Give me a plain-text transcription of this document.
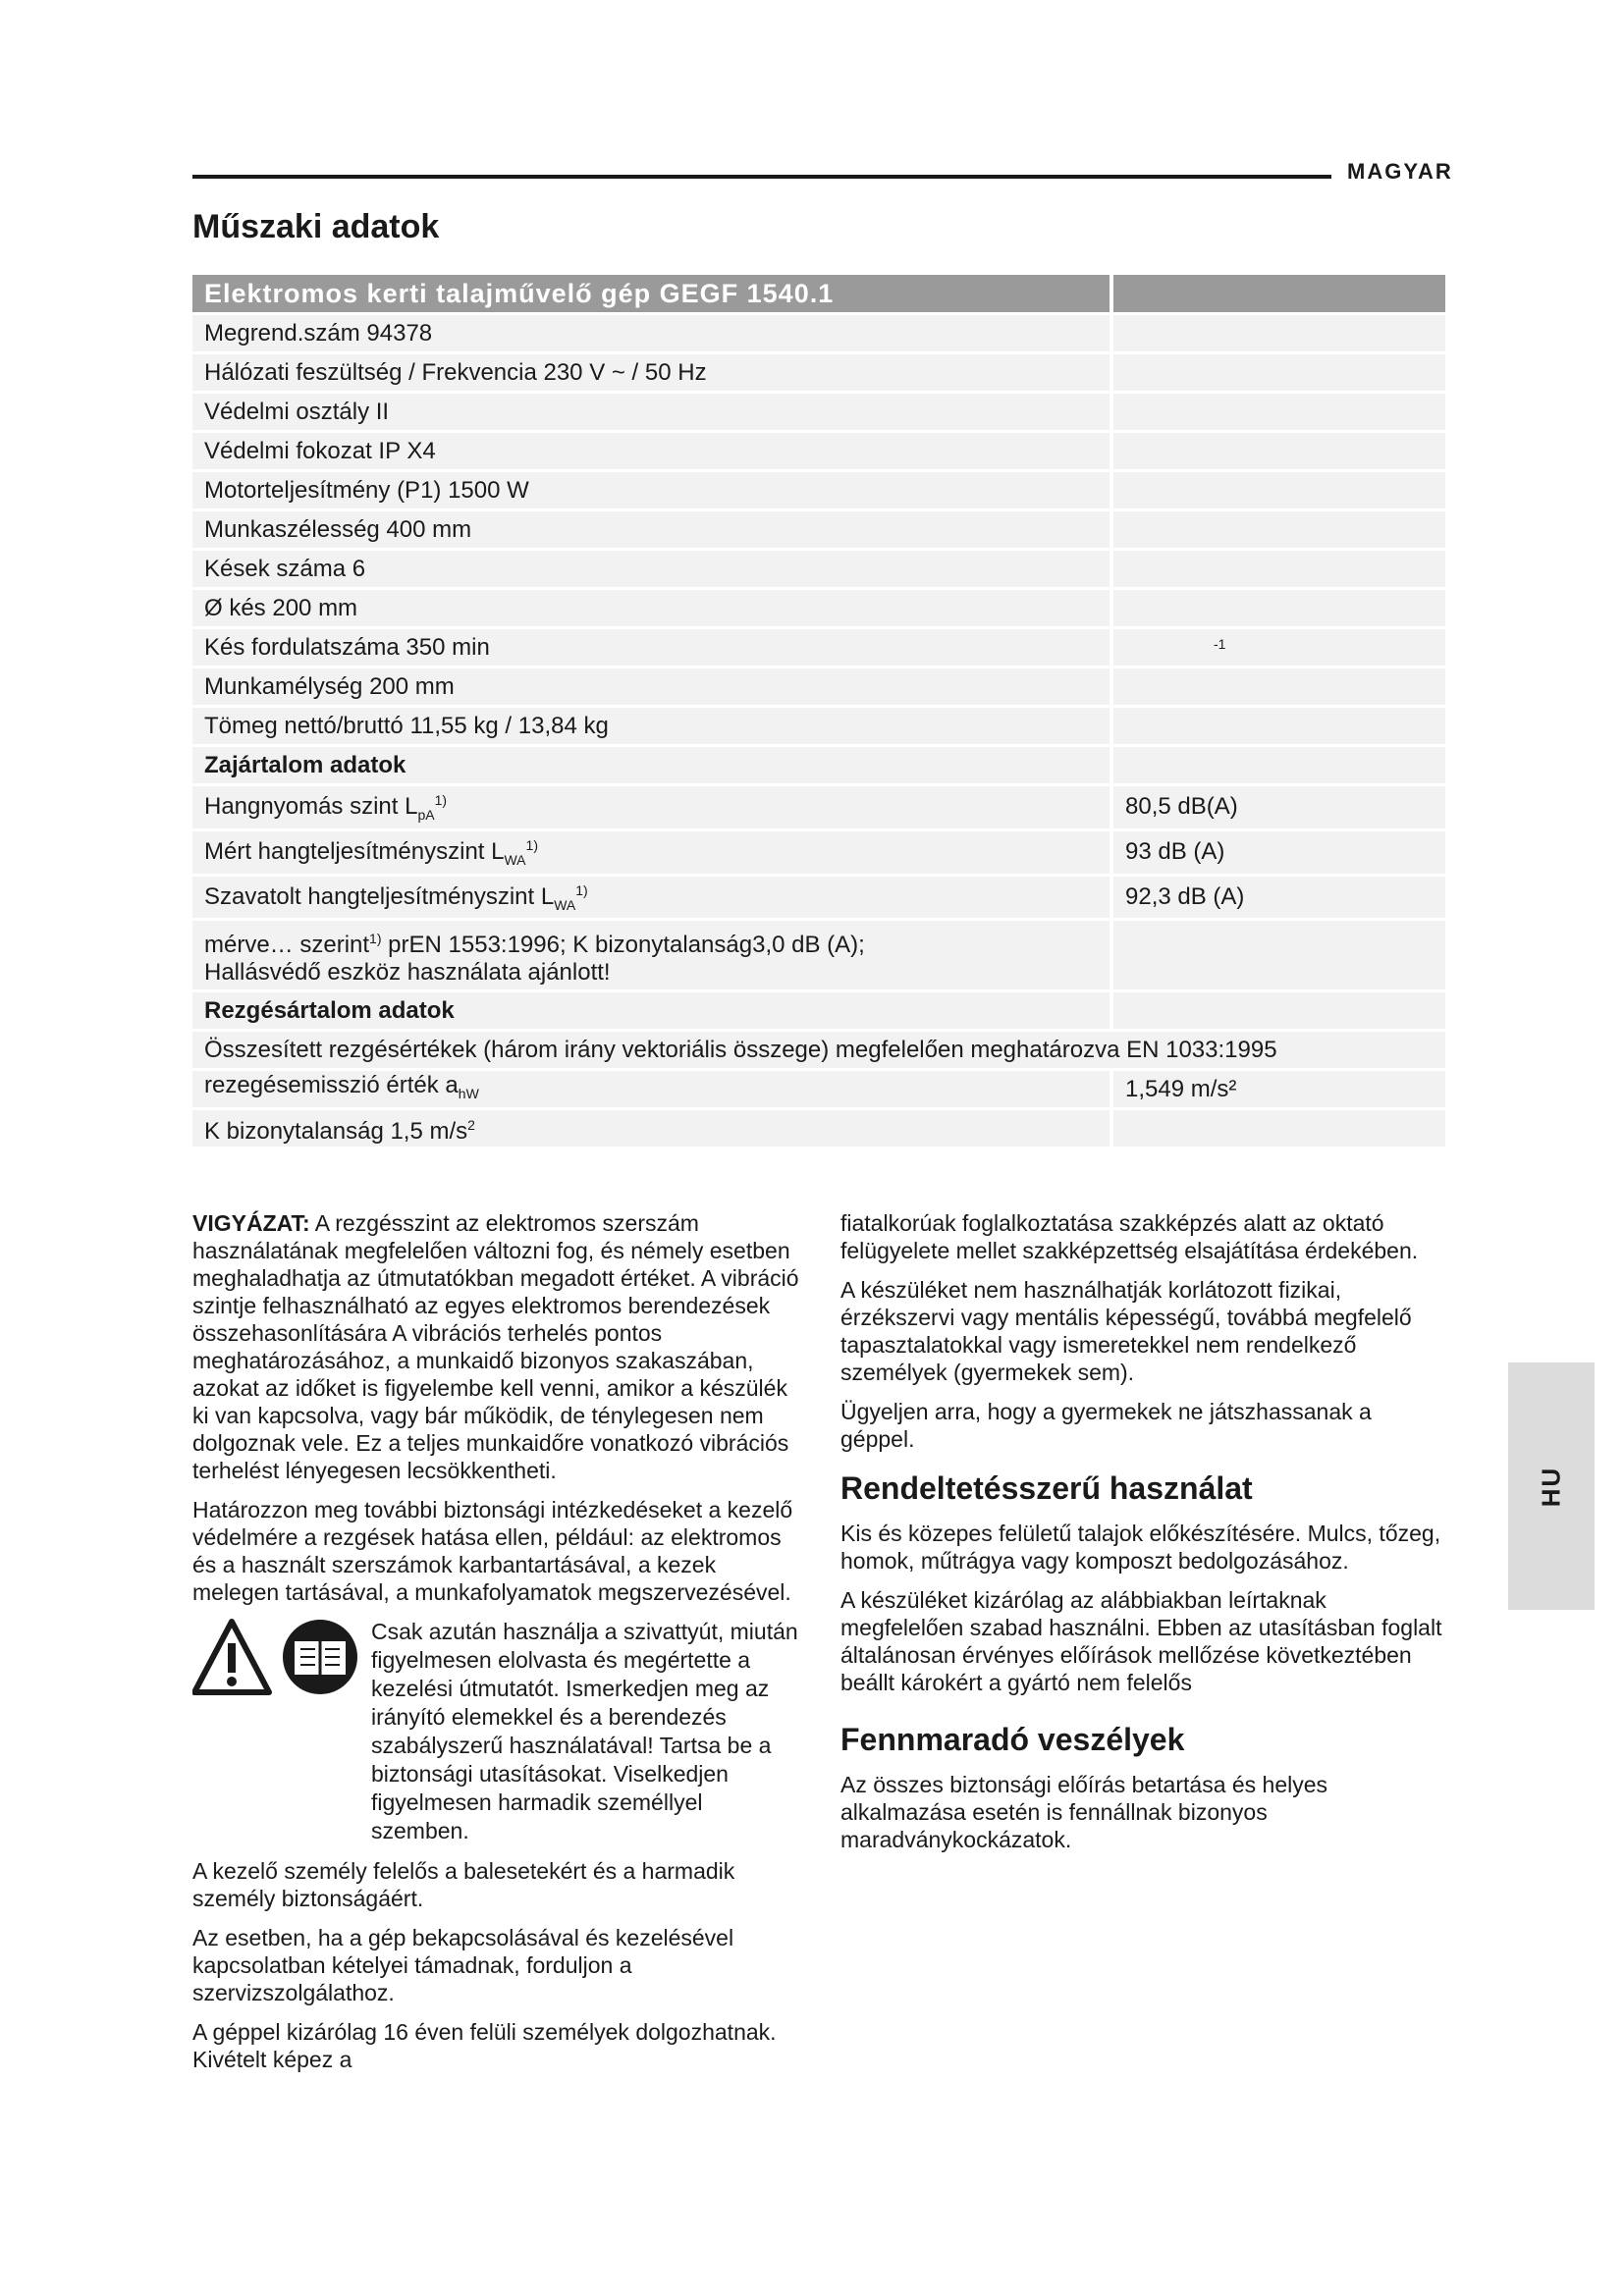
MAGYAR
Műszaki adatok
Elektromos kerti talajművelő gép GEGF 1540.1	
Megrend.szám 94378	
Hálózati feszültség / Frekvencia 230 V ~ / 50 Hz	
Védelmi osztály II	
Védelmi fokozat IP X4	
Motorteljesítmény (P1) 1500 W	
Munkaszélesség 400 mm	
Kések száma 6	
Ø kés 200 mm	
Kés fordulatszáma 350 min	$^{-1}$
Munkamélység 200 mm	
Tömeg nettó/bruttó 11,55 kg / 13,84 kg	
Zajártalom adatok	
Hangnyomás szint $L_{pA}^{1)}$	80,5 dB(A)
Mért hangteljesítményszint $L_{WA}^{1)}$	93 dB (A)
Szavatolt hangteljesítményszint $L_{WA}^{1)}$	92,3 dB (A)
mérve… szerint$^{1)}$ prEN 1553:1996; K bizonytalanság3,0 dB (A);
Hallásvédő eszköz használata ajánlott!	
Rezgésártalom adatok	
Összesített rezgésértékek (három irány vektoriális összege) megfelelően meghatározva EN 1033:1995	
rezegésemisszió érték $a_{hW}$	1,549 m/s²
K bizonytalanság 1,5 $m/s^2$	

VIGYÁZAT: A rezgésszint az elektromos szerszám használatának megfelelően változni fog, és némely esetben meghaladhatja az útmutatókban megadott értéket. A vibráció szintje felhasználható az egyes elektromos berendezések összehasonlítására A vibrációs terhelés pontos meghatározásához, a munkaidő bizonyos szakaszában, azokat az időket is figyelembe kell venni, amikor a készülék ki van kapcsolva, vagy bár működik, de ténylegesen nem dolgoznak vele. Ez a teljes munkaidőre vonatkozó vibrációs terhelést lényegesen lecsökkentheti.

Határozzon meg további biztonsági intézkedéseket a kezelő védelmére a rezgések hatása ellen, például: az elektromos és a használt szerszámok karbantartásával, a kezek melegen tartásával, a munkafolyamatok megszervezésével.

Csak azután használja a szivattyút, miután figyelmesen elolvasta és megértette a kezelési útmutatót. Ismerkedjen meg az irányító elemekkel és a berendezés szabályszerű használatával! Tartsa be a biztonsági utasításokat. Viselkedjen figyelmesen harmadik személlyel szemben.

A kezelő személy felelős a balesetekért és a harmadik személy biztonságáért.

Az esetben, ha a gép bekapcsolásával és kezelésével kapcsolatban kételyei támadnak, forduljon a szervizszolgálathoz.

A géppel kizárólag 16 éven felüli személyek dolgozhatnak. Kivételt képez a

fiatalkorúak foglalkoztatása szakképzés alatt az oktató felügyelete mellet szakképzettség elsajátítása érdekében.

A készüléket nem használhatják korlátozott fizikai, érzékszervi vagy mentális képességű, továbbá megfelelő tapasztalatokkal vagy ismeretekkel nem rendelkező személyek (gyermekek sem).

Ügyeljen arra, hogy a gyermekek ne játszhassanak a géppel.

Rendeltetésszerű használat

Kis és közepes felületű talajok előkészítésére. Mulcs, tőzeg, homok, műtrágya vagy komposzt bedolgozásához.

A készüléket kizárólag az alábbiakban leírtaknak megfelelően szabad használni. Ebben az utasításban foglalt általánosan érvényes előírások mellőzése következtében beállt károkért a gyártó nem felelős

Fennmaradó veszélyek

Az összes biztonsági előírás betartása és helyes alkalmazása esetén is fennállnak bizonyos maradványkockázatok.

HU
